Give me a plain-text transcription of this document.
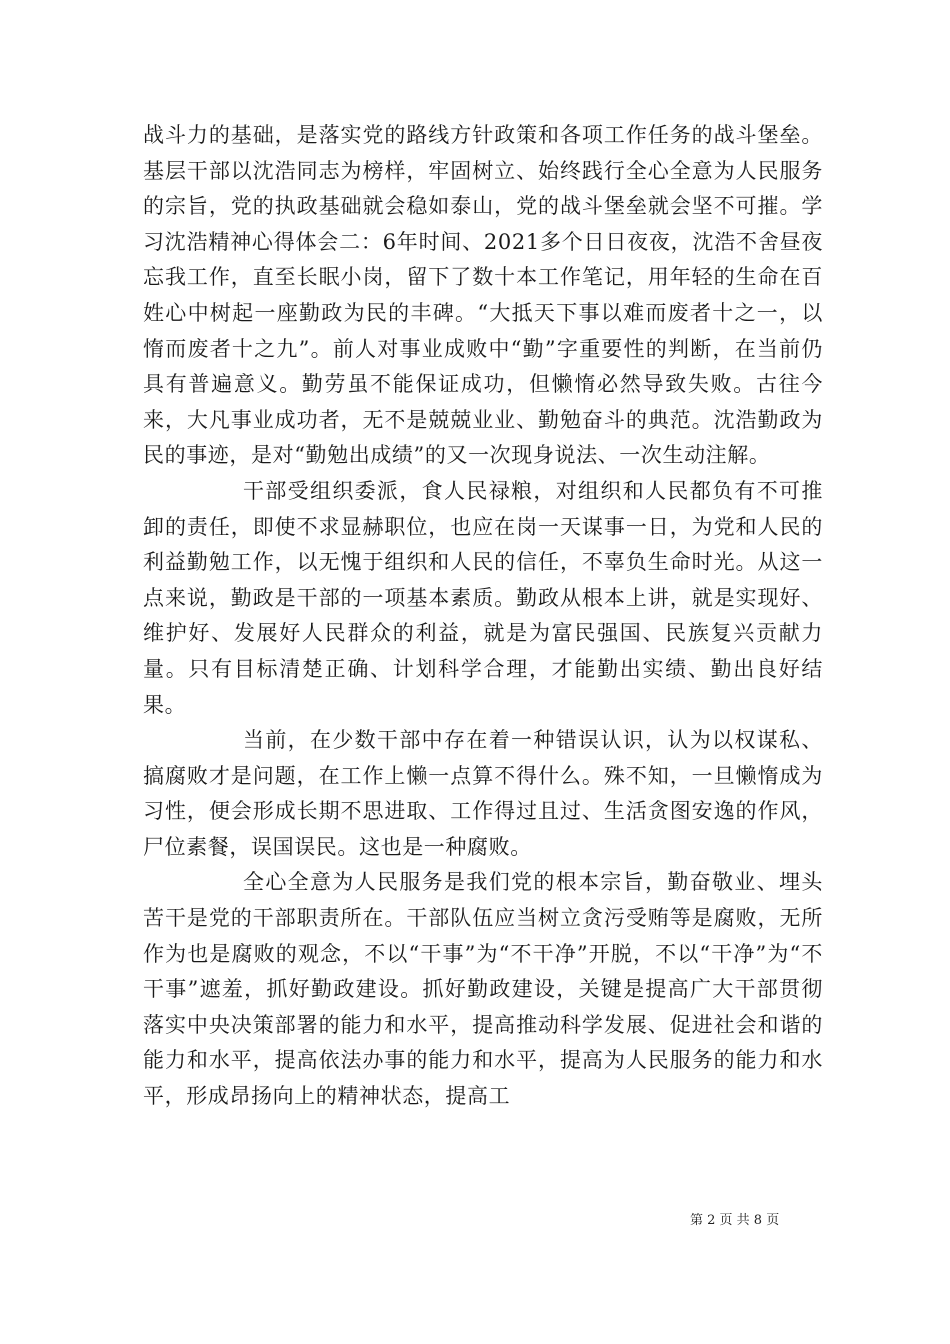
战斗力的基础，是落实党的路线方针政策和各项工作任务的战斗堡垒。基层干部以沈浩同志为榜样，牢固树立、始终践行全心全意为人民服务的宗旨，党的执政基础就会稳如泰山，党的战斗堡垒就会坚不可摧。学习沈浩精神心得体会二：6年时间、2021多个日日夜夜，沈浩不舍昼夜忘我工作，直至长眠小岗，留下了数十本工作笔记，用年轻的生命在百姓心中树起一座勤政为民的丰碑。“大抵天下事以难而废者十之一，以惰而废者十之九”。前人对事业成败中“勤”字重要性的判断，在当前仍具有普遍意义。勤劳虽不能保证成功，但懒惰必然导致失败。古往今来，大凡事业成功者，无不是兢兢业业、勤勉奋斗的典范。沈浩勤政为民的事迹，是对“勤勉出成绩”的又一次现身说法、一次生动注解。

干部受组织委派，食人民禄粮，对组织和人民都负有不可推卸的责任，即使不求显赫职位，也应在岗一天谋事一日，为党和人民的利益勤勉工作，以无愧于组织和人民的信任，不辜负生命时光。从这一点来说，勤政是干部的一项基本素质。勤政从根本上讲，就是实现好、维护好、发展好人民群众的利益，就是为富民强国、民族复兴贡献力量。只有目标清楚正确、计划科学合理，才能勤出实绩、勤出良好结果。

当前，在少数干部中存在着一种错误认识，认为以权谋私、搞腐败才是问题，在工作上懒一点算不得什么。殊不知，一旦懒惰成为习性，便会形成长期不思进取、工作得过且过、生活贪图安逸的作风，尸位素餐，误国误民。这也是一种腐败。

全心全意为人民服务是我们党的根本宗旨，勤奋敬业、埋头苦干是党的干部职责所在。干部队伍应当树立贪污受贿等是腐败，无所作为也是腐败的观念，不以“干事”为“不干净”开脱，不以“干净”为“不干事”遮羞，抓好勤政建设。抓好勤政建设，关键是提高广大干部贯彻落实中央决策部署的能力和水平，提高推动科学发展、促进社会和谐的能力和水平，提高依法办事的能力和水平，提高为人民服务的能力和水平，形成昂扬向上的精神状态，提高工

第 2 页 共 8 页
